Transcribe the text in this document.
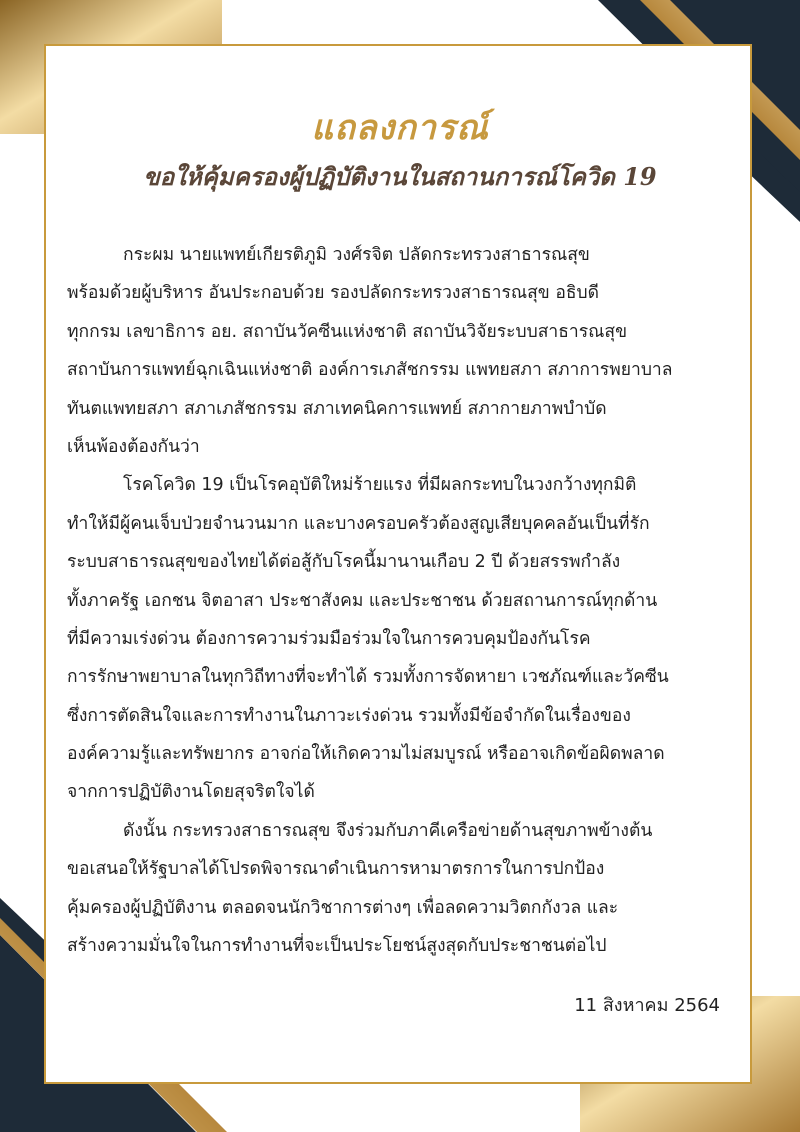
แถลงการณ์
ขอให้คุ้มครองผู้ปฏิบัติงานในสถานการณ์โควิด 19
กระผม นายแพทย์เกียรติภูมิ วงศ์รจิต ปลัดกระทรวงสาธารณสุข
พร้อมด้วยผู้บริหาร อันประกอบด้วย รองปลัดกระทรวงสาธารณสุข อธิบดี
ทุกกรม เลขาธิการ อย. สถาบันวัคซีนแห่งชาติ สถาบันวิจัยระบบสาธารณสุข
สถาบันการแพทย์ฉุกเฉินแห่งชาติ องค์การเภสัชกรรม แพทยสภา สภาการพยาบาล
ทันตแพทยสภา สภาเภสัชกรรม สภาเทคนิคการแพทย์ สภากายภาพบำบัด
เห็นพ้องต้องกันว่า
โรคโควิด 19 เป็นโรคอุบัติใหม่ร้ายแรง ที่มีผลกระทบในวงกว้างทุกมิติ
ทำให้มีผู้คนเจ็บป่วยจำนวนมาก และบางครอบครัวต้องสูญเสียบุคคลอันเป็นที่รัก
ระบบสาธารณสุขของไทยได้ต่อสู้กับโรคนี้มานานเกือบ 2 ปี ด้วยสรรพกำลัง
ทั้งภาครัฐ เอกชน จิตอาสา ประชาสังคม และประชาชน ด้วยสถานการณ์ทุกด้าน
ที่มีความเร่งด่วน ต้องการความร่วมมือร่วมใจในการควบคุมป้องกันโรค
การรักษาพยาบาลในทุกวิถีทางที่จะทำได้ รวมทั้งการจัดหายา เวชภัณฑ์และวัคซีน
ซึ่งการตัดสินใจและการทำงานในภาวะเร่งด่วน รวมทั้งมีข้อจำกัดในเรื่องของ
องค์ความรู้และทรัพยากร อาจก่อให้เกิดความไม่สมบูรณ์ หรืออาจเกิดข้อผิดพลาด
จากการปฏิบัติงานโดยสุจริตใจได้
ดังนั้น กระทรวงสาธารณสุข จึงร่วมกับภาคีเครือข่ายด้านสุขภาพข้างต้น
ขอเสนอให้รัฐบาลได้โปรดพิจารณาดำเนินการหามาตรการในการปกป้อง
คุ้มครองผู้ปฏิบัติงาน ตลอดจนนักวิชาการต่างๆ เพื่อลดความวิตกกังวล และ
สร้างความมั่นใจในการทำงานที่จะเป็นประโยชน์สูงสุดกับประชาชนต่อไป
11 สิงหาคม 2564
